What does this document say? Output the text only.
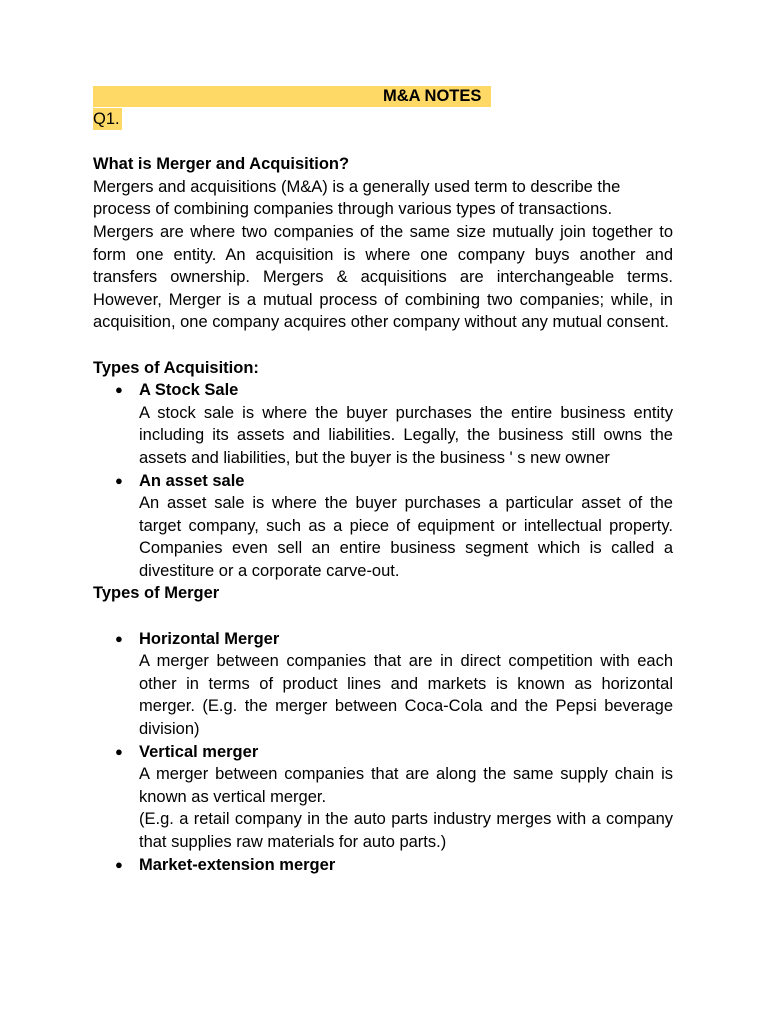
M&A NOTES
Q1.

What is Merger and Acquisition?

Mergers and acquisitions (M&A) is a generally used term to describe the process of combining companies through various types of transactions.

Mergers are where two companies of the same size mutually join together to form one entity. An acquisition is where one company buys another and transfers ownership. Mergers & acquisitions are interchangeable terms. However, Merger is a mutual process of combining two companies; while, in acquisition, one company acquires other company without any mutual consent.

Types of Acquisition:

● A Stock Sale
A stock sale is where the buyer purchases the entire business entity including its assets and liabilities. Legally, the business still owns the assets and liabilities, but the buyer is the business ' s new owner
● An asset sale
An asset sale is where the buyer purchases a particular asset of the target company, such as a piece of equipment or intellectual property. Companies even sell an entire business segment which is called a divestiture or a corporate carve-out.

Types of Merger

● Horizontal Merger
A merger between companies that are in direct competition with each other in terms of product lines and markets is known as horizontal merger. (E.g. the merger between Coca-Cola and the Pepsi beverage division)
● Vertical merger
A merger between companies that are along the same supply chain is known as vertical merger.
(E.g. a retail company in the auto parts industry merges with a company that supplies raw materials for auto parts.)
● Market-extension merger
